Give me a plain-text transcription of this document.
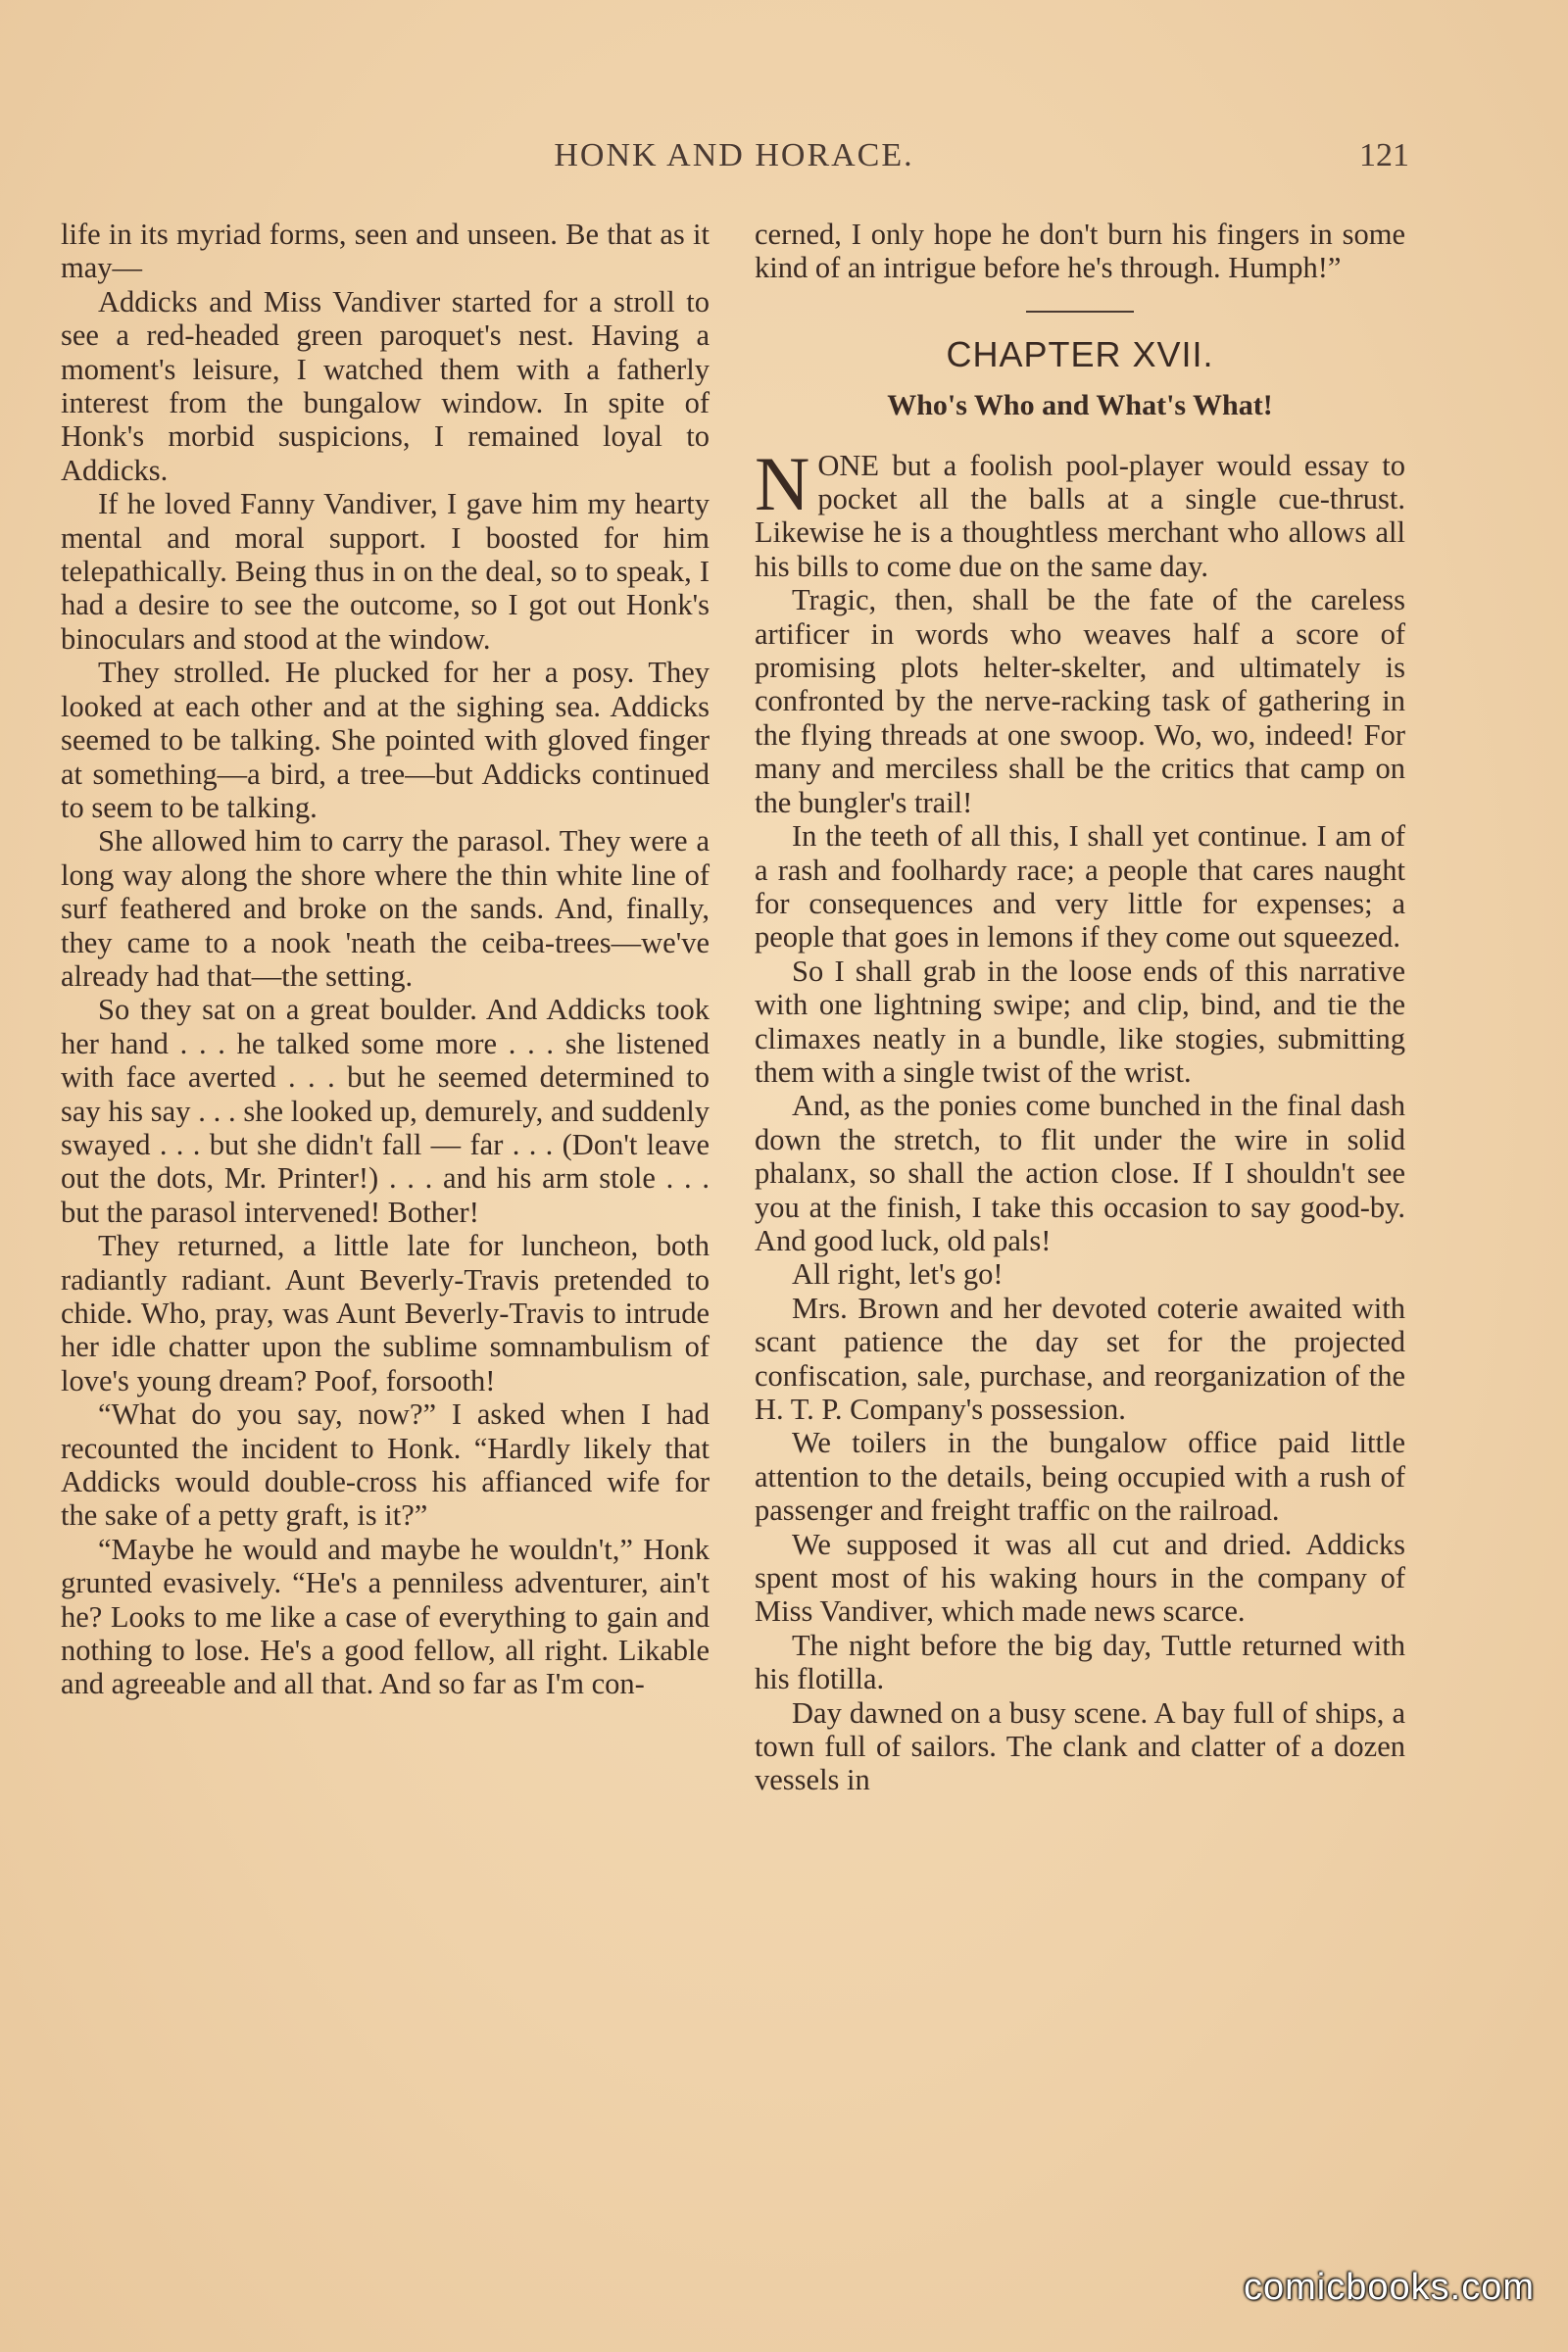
HONK AND HORACE.	121

life in its myriad forms, seen and unseen. Be that as it may—

Addicks and Miss Vandiver started for a stroll to see a red-headed green paroquet's nest. Having a moment's leisure, I watched them with a fatherly interest from the bungalow window. In spite of Honk's morbid suspicions, I remained loyal to Addicks.

If he loved Fanny Vandiver, I gave him my hearty mental and moral support. I boosted for him telepathically. Being thus in on the deal, so to speak, I had a desire to see the outcome, so I got out Honk's binoculars and stood at the window.

They strolled. He plucked for her a posy. They looked at each other and at the sighing sea. Addicks seemed to be talking. She pointed with gloved finger at something—a bird, a tree—but Addicks continued to seem to be talking.

She allowed him to carry the parasol. They were a long way along the shore where the thin white line of surf feathered and broke on the sands. And, finally, they came to a nook 'neath the ceiba-trees—we've already had that—the setting.

So they sat on a great boulder. And Addicks took her hand . . . he talked some more . . . she listened with face averted . . . but he seemed determined to say his say . . . she looked up, demurely, and suddenly swayed . . . but she didn't fall — far . . . (Don't leave out the dots, Mr. Printer!) . . . and his arm stole . . . but the parasol intervened! Bother!

They returned, a little late for luncheon, both radiantly radiant. Aunt Beverly-Travis pretended to chide. Who, pray, was Aunt Beverly-Travis to intrude her idle chatter upon the sublime somnambulism of love's young dream? Poof, forsooth!

“What do you say, now?” I asked when I had recounted the incident to Honk. “Hardly likely that Addicks would double-cross his affianced wife for the sake of a petty graft, is it?”

“Maybe he would and maybe he wouldn't,” Honk grunted evasively. “He's a penniless adventurer, ain't he? Looks to me like a case of everything to gain and nothing to lose. He's a good fellow, all right. Likable and agreeable and all that. And so far as I'm con-

cerned, I only hope he don't burn his fingers in some kind of an intrigue before he's through. Humph!”

CHAPTER XVII.
Who's Who and What's What!

NONE but a foolish pool-player would essay to pocket all the balls at a single cue-thrust. Likewise he is a thoughtless merchant who allows all his bills to come due on the same day.

Tragic, then, shall be the fate of the careless artificer in words who weaves half a score of promising plots helter-skelter, and ultimately is confronted by the nerve-racking task of gathering in the flying threads at one swoop. Wo, wo, indeed! For many and merciless shall be the critics that camp on the bungler's trail!

In the teeth of all this, I shall yet continue. I am of a rash and foolhardy race; a people that cares naught for consequences and very little for expenses; a people that goes in lemons if they come out squeezed.

So I shall grab in the loose ends of this narrative with one lightning swipe; and clip, bind, and tie the climaxes neatly in a bundle, like stogies, submitting them with a single twist of the wrist.

And, as the ponies come bunched in the final dash down the stretch, to flit under the wire in solid phalanx, so shall the action close. If I shouldn't see you at the finish, I take this occasion to say good-by. And good luck, old pals!

All right, let's go!

Mrs. Brown and her devoted coterie awaited with scant patience the day set for the projected confiscation, sale, purchase, and reorganization of the H. T. P. Company's possession.

We toilers in the bungalow office paid little attention to the details, being occupied with a rush of passenger and freight traffic on the railroad.

We supposed it was all cut and dried. Addicks spent most of his waking hours in the company of Miss Vandiver, which made news scarce.

The night before the big day, Tuttle returned with his flotilla.

Day dawned on a busy scene. A bay full of ships, a town full of sailors. The clank and clatter of a dozen vessels in

comicbooks.com
